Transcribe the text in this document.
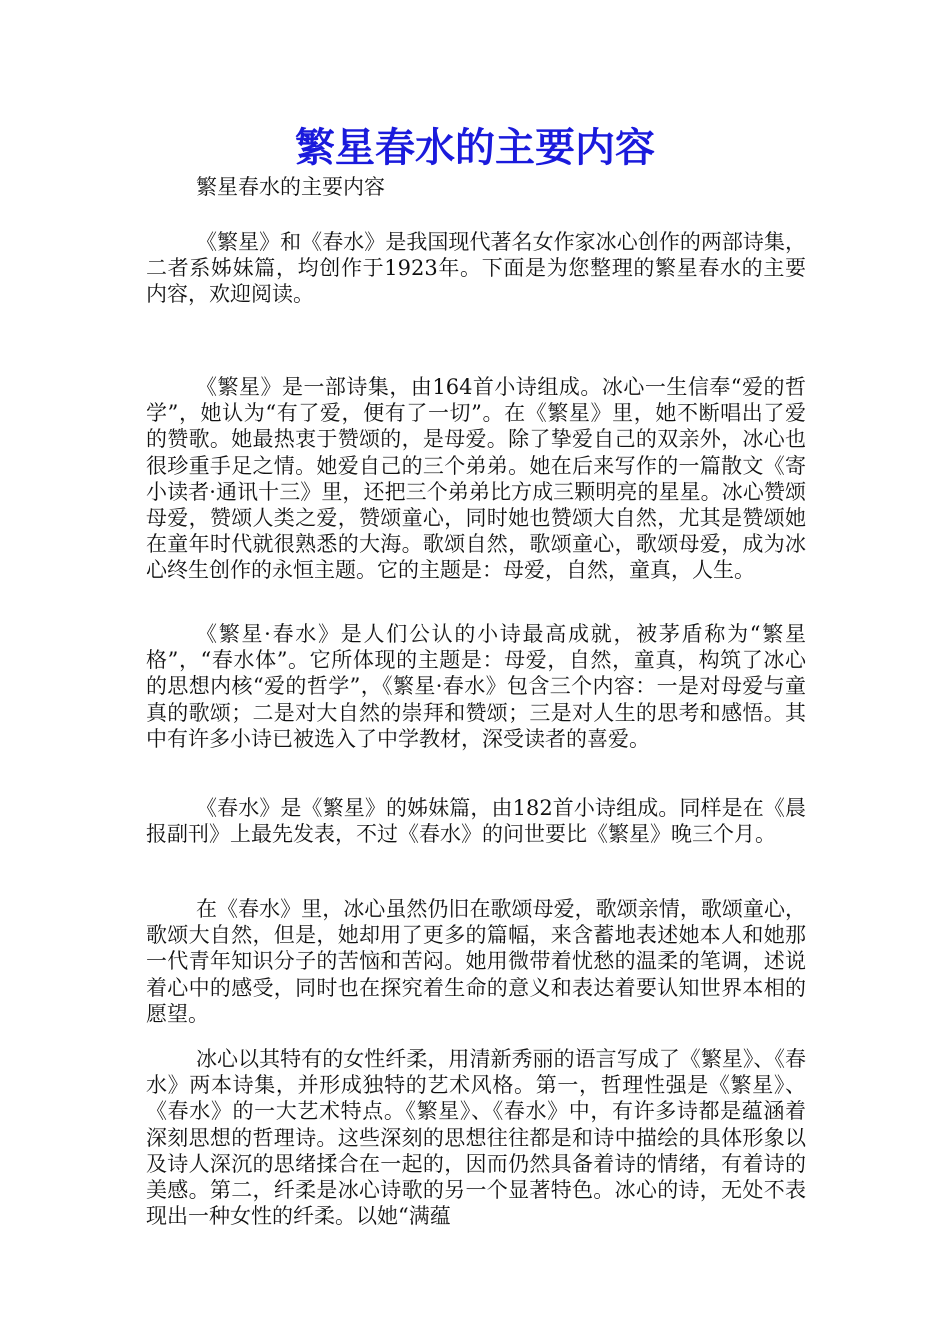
繁星春水的主要内容

繁星春水的主要内容

《繁星》和《春水》是我国现代著名女作家冰心创作的两部诗集，二者系姊妹篇，均创作于1923年。下面是为您整理的繁星春水的主要内容，欢迎阅读。

《繁星》是一部诗集，由164首小诗组成。冰心一生信奉“爱的哲学”，她认为“有了爱，便有了一切”。在《繁星》里，她不断唱出了爱的赞歌。她最热衷于赞颂的，是母爱。除了挚爱自己的双亲外，冰心也很珍重手足之情。她爱自己的三个弟弟。她在后来写作的一篇散文《寄小读者·通讯十三》里，还把三个弟弟比方成三颗明亮的星星。冰心赞颂母爱，赞颂人类之爱，赞颂童心，同时她也赞颂大自然，尤其是赞颂她在童年时代就很熟悉的大海。歌颂自然，歌颂童心，歌颂母爱，成为冰心终生创作的永恒主题。它的主题是：母爱，自然，童真，人生。

《繁星·春水》是人们公认的小诗最高成就，被茅盾称为“繁星格”，“春水体”。它所体现的主题是：母爱，自然，童真，构筑了冰心的思想内核“爱的哲学”，《繁星·春水》包含三个内容：一是对母爱与童真的歌颂；二是对大自然的崇拜和赞颂；三是对人生的思考和感悟。其中有许多小诗已被选入了中学教材，深受读者的喜爱。

《春水》是《繁星》的姊妹篇，由182首小诗组成。同样是在《晨报副刊》上最先发表，不过《春水》的问世要比《繁星》晚三个月。

在《春水》里，冰心虽然仍旧在歌颂母爱，歌颂亲情，歌颂童心，歌颂大自然，但是，她却用了更多的篇幅，来含蓄地表述她本人和她那一代青年知识分子的苦恼和苦闷。她用微带着忧愁的温柔的笔调，述说着心中的感受，同时也在探究着生命的意义和表达着要认知世界本相的愿望。

冰心以其特有的女性纤柔，用清新秀丽的语言写成了《繁星》、《春水》两本诗集，并形成独特的艺术风格。第一，哲理性强是《繁星》、《春水》的一大艺术特点。《繁星》、《春水》中，有许多诗都是蕴涵着深刻思想的哲理诗。这些深刻的思想往往都是和诗中描绘的具体形象以及诗人深沉的思绪揉合在一起的，因而仍然具备着诗的情绪，有着诗的美感。第二，纤柔是冰心诗歌的另一个显著特色。冰心的诗，无处不表现出一种女性的纤柔。以她“满蕴
